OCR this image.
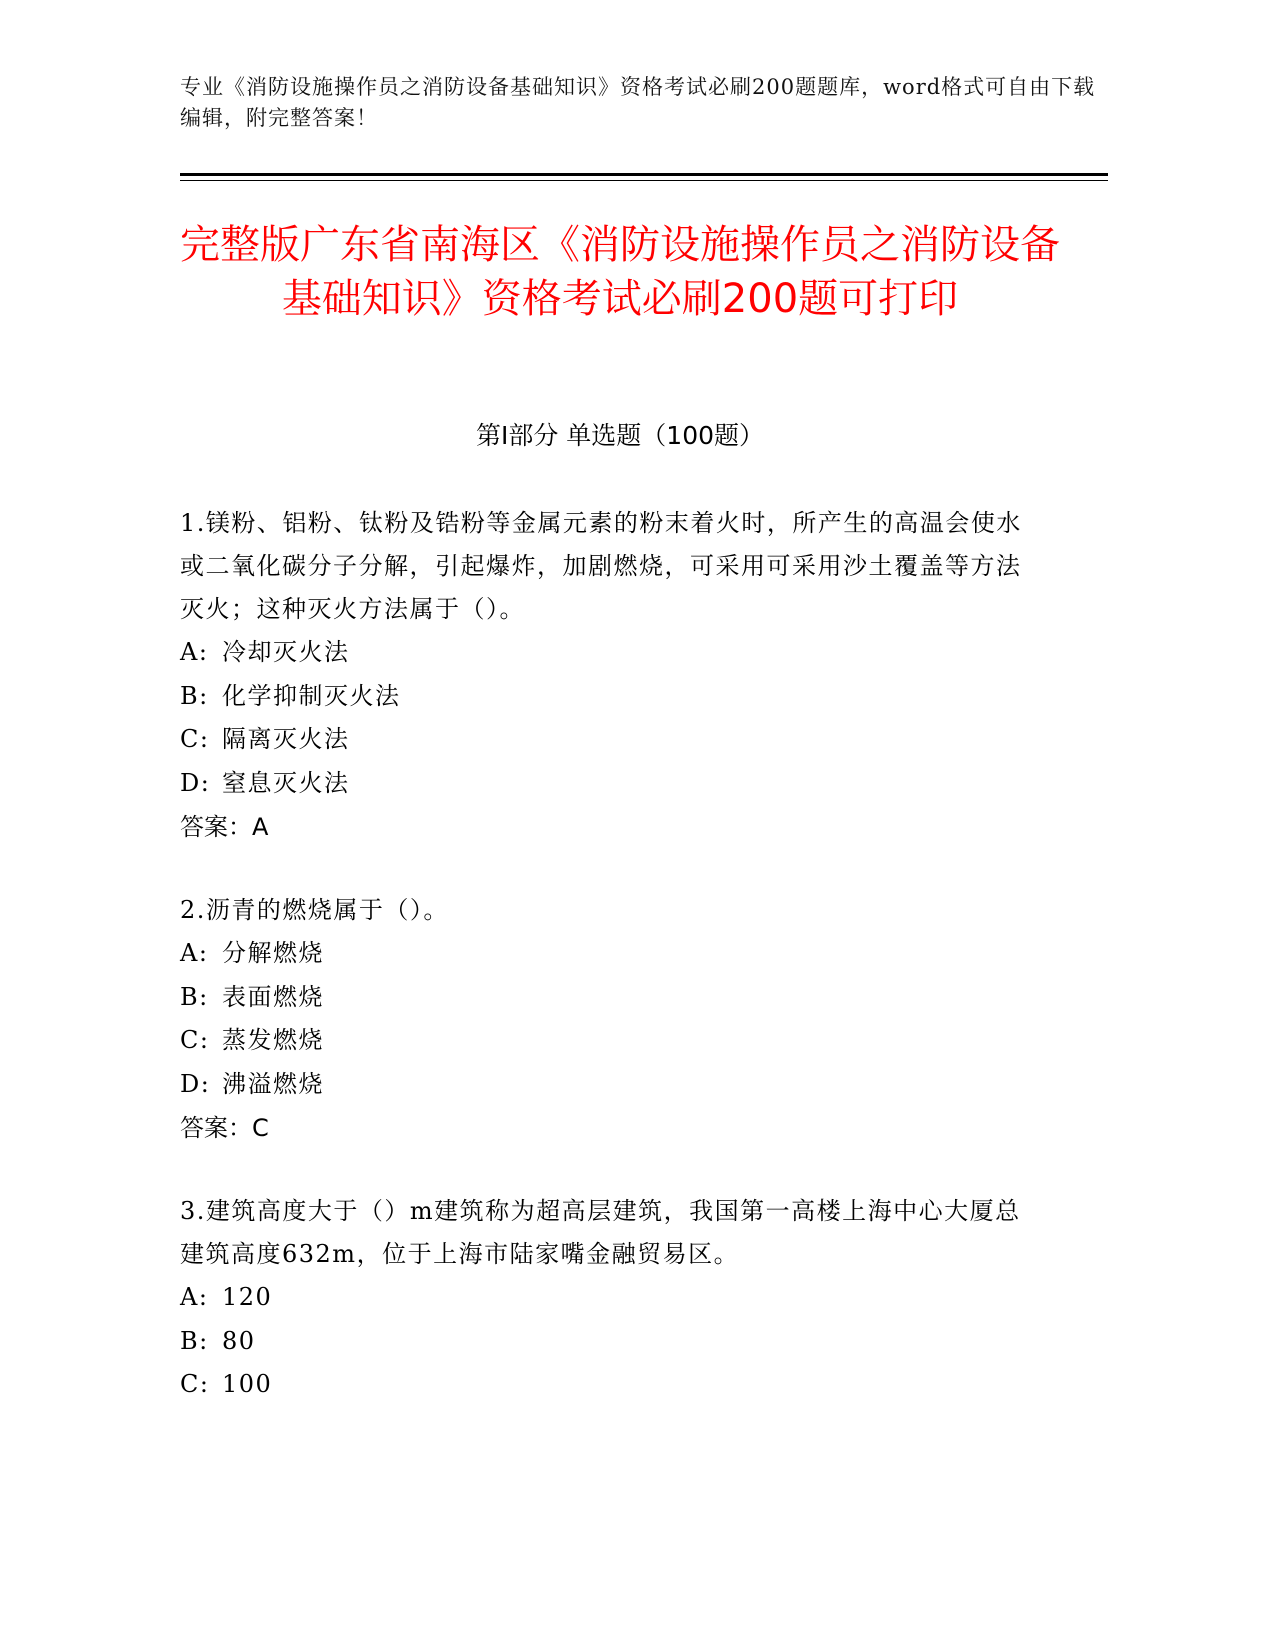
专业《消防设施操作员之消防设备基础知识》资格考试必刷200题题库，word格式可自由下载编辑，附完整答案！
完整版广东省南海区《消防设施操作员之消防设备基础知识》资格考试必刷200题可打印
第I部分 单选题（100题）
1.镁粉、铝粉、钛粉及锆粉等金属元素的粉末着火时，所产生的高温会使水或二氧化碳分子分解，引起爆炸，加剧燃烧，可采用可采用沙土覆盖等方法灭火；这种灭火方法属于（）。
A: 冷却灭火法
B: 化学抑制灭火法
C: 隔离灭火法
D: 窒息灭火法
答案：A
2.沥青的燃烧属于（）。
A: 分解燃烧
B: 表面燃烧
C: 蒸发燃烧
D: 沸溢燃烧
答案：C
3.建筑高度大于（）m建筑称为超高层建筑，我国第一高楼上海中心大厦总建筑高度632m，位于上海市陆家嘴金融贸易区。
A: 120
B: 80
C: 100
